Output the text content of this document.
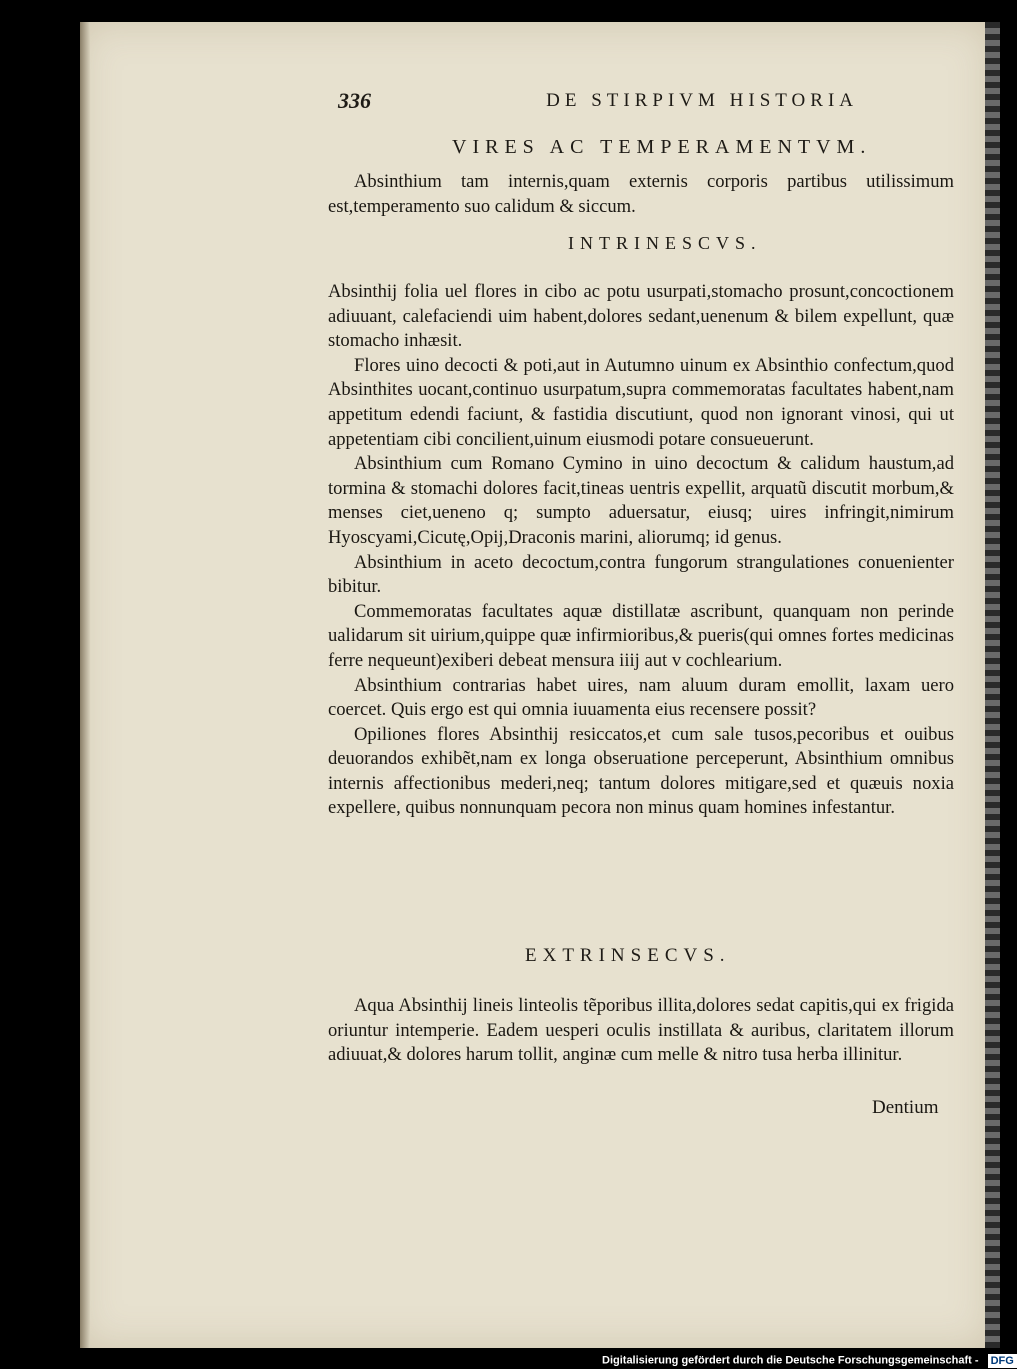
336	DE STIRPIVM HISTORIA
VIRES AC TEMPERAMENTVM.

Absinthium tam internis,quam externis corporis partibus utilissimum est,temperamento suo calidum & siccum.

INTRINESCVS.

Absinthij folia uel flores in cibo ac potu usurpati,stomacho prosunt,concoctionem adiuuant, calefaciendi uim habent,dolores sedant,uenenum & bilem expellunt, quæ stomacho inhæsit.

Flores uino decocti & poti,aut in Autumno uinum ex Absinthio confectum,quod Absinthites uocant,continuo usurpatum,supra commemoratas facultates habent,nam appetitum edendi faciunt, & fastidia discutiunt, quod non ignorant vinosi, qui ut appetentiam cibi concilient,uinum eiusmodi potare consueuerunt.

Absinthium cum Romano Cymino in uino decoctum & calidum haustum,ad tormina & stomachi dolores facit,tineas uentris expellit, arquatũ discutit morbum,& menses ciet,ueneno q; sumpto aduersatur, eiusq; uires infringit,nimirum Hyoscyami,Cicutę,Opij,Draconis marini, aliorumq; id genus.

Absinthium in aceto decoctum,contra fungorum strangulationes conuenienter bibitur.

Commemoratas facultates aquæ distillatæ ascribunt, quanquam non perinde ualidarum sit uirium,quippe quæ infirmioribus,& pueris(qui omnes fortes medicinas ferre nequeunt)exiberi debeat mensura iiij aut v cochlearium.

Absinthium contrarias habet uires, nam aluum duram emollit, laxam uero coercet. Quis ergo est qui omnia iuuamenta eius recensere possit?

Opiliones flores Absinthij resiccatos,et cum sale tusos,pecoribus et ouibus deuorandos exhibẽt,nam ex longa obseruatione perceperunt, Absinthium omnibus internis affectionibus mederi,neq; tantum dolores mitigare,sed et quæuis noxia expellere, quibus nonnunquam pecora non minus quam homines infestantur.

EXTRINSECVS.

Aqua Absinthij lineis linteolis tẽporibus illita,dolores sedat capitis,qui ex frigida oriuntur intemperie. Eadem uesperi oculis instillata & auribus, claritatem illorum adiuuat,& dolores harum tollit, anginæ cum melle & nitro tusa herba illinitur.

Dentium
Digitalisierung gefördert durch die Deutsche Forschungsgemeinschaft - DFG
